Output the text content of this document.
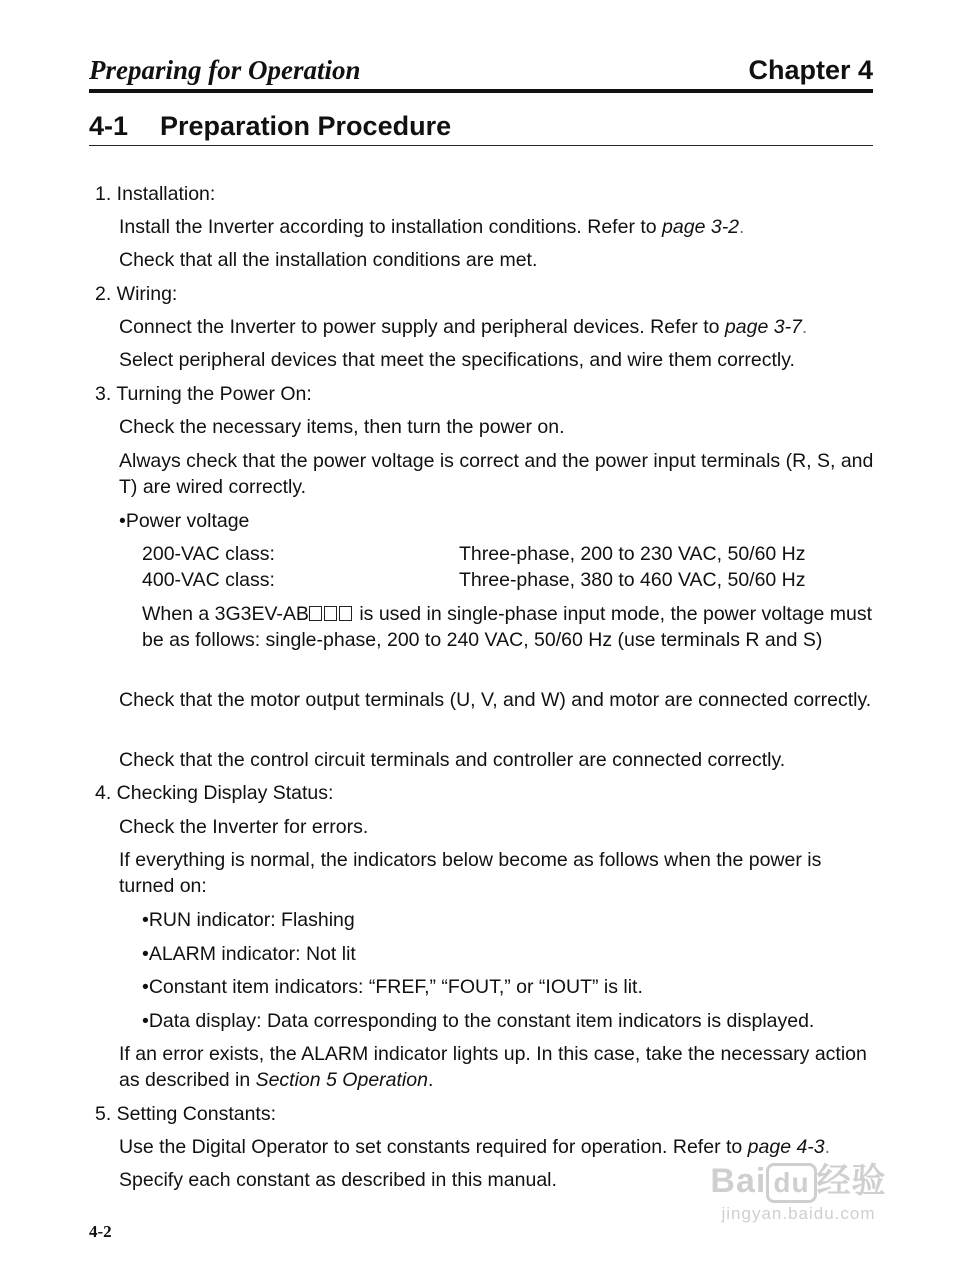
Preparing for Operation	Chapter 4
4-1 Preparation Procedure
1. Installation:
Install the Inverter according to installation conditions. Refer to page 3-2.
Check that all the installation conditions are met.
2. Wiring:
Connect the Inverter to power supply and peripheral devices. Refer to page 3-7.
Select peripheral devices that meet the specifications, and wire them correctly.
3. Turning the Power On:
Check the necessary items, then turn the power on.
Always check that the power voltage is correct and the power input terminals (R, S, and T) are wired correctly.
•Power voltage
200-VAC class:	Three-phase, 200 to 230 VAC, 50/60 Hz
400-VAC class:	Three-phase, 380 to 460 VAC, 50/60 Hz
When a 3G3EV-AB is used in single-phase input mode, the power voltage must be as follows: single-phase, 200 to 240 VAC, 50/60 Hz (use terminals R and S)
Check that the motor output terminals (U, V, and W) and motor are connected correctly.
Check that the control circuit terminals and controller are connected correctly.
4. Checking Display Status:
Check the Inverter for errors.
If everything is normal, the indicators below become as follows when the power is turned on:
•RUN indicator: Flashing
•ALARM indicator: Not lit
•Constant item indicators: “FREF,” “FOUT,” or “IOUT” is lit.
•Data display: Data corresponding to the constant item indicators is displayed.
If an error exists, the ALARM indicator lights up. In this case, take the necessary action as described in Section 5 Operation.
5. Setting Constants:
Use the Digital Operator to set constants required for operation. Refer to page 4-3.
Specify each constant as described in this manual.
4-2
Bai du 经验
jingyan.baidu.com
